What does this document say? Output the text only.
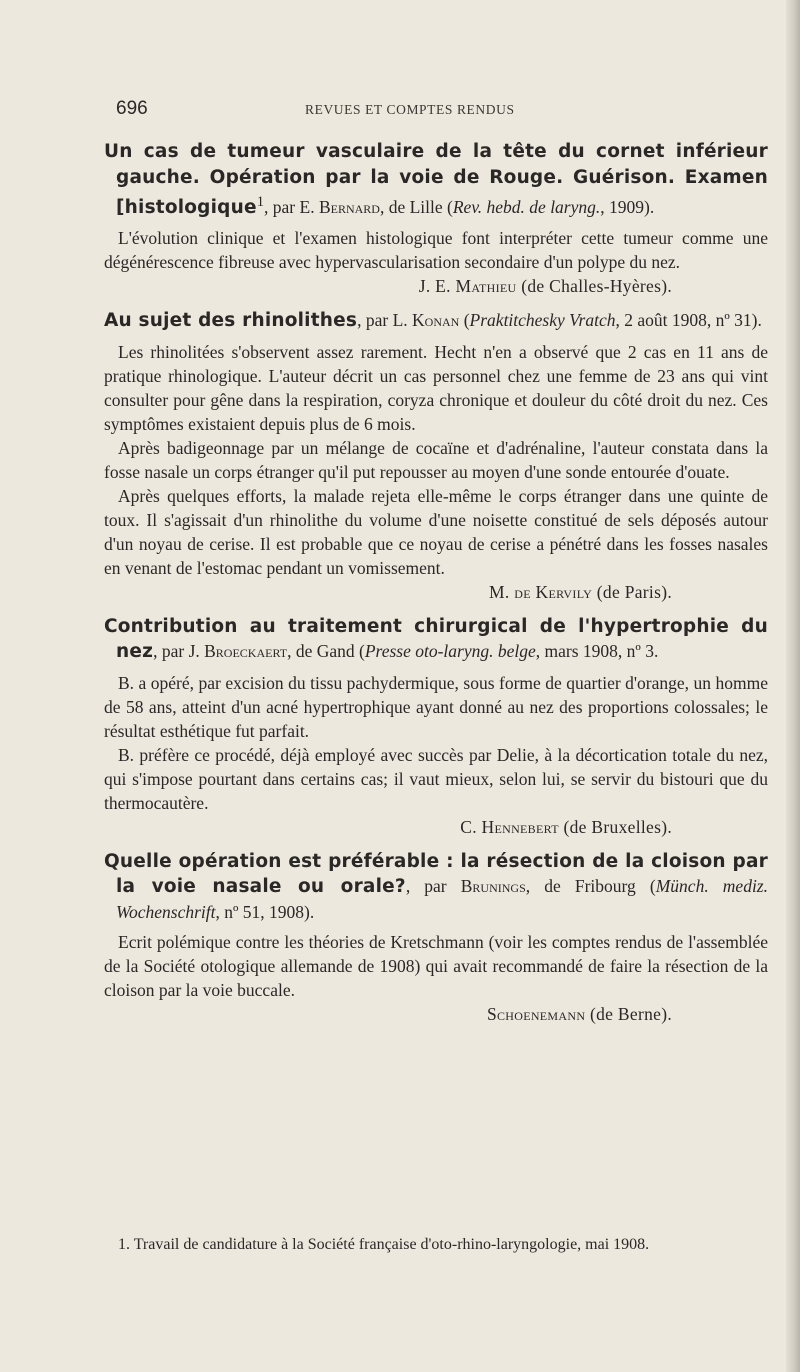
696	REVUES ET COMPTES RENDUS

Un cas de tumeur vasculaire de la tête du cornet inférieur gauche. Opération par la voie de Rouge. Guérison. Examen [histologique$^1$, par E. Bernard, de Lille (Rev. hebd. de laryng., 1909).

L'évolution clinique et l'examen histologique font interpréter cette tumeur comme une dégénérescence fibreuse avec hypervascularisation secondaire d'un polype du nez.

J. E. Mathieu (de Challes-Hyères).

Au sujet des rhinolithes, par L. Konan (Praktitchesky Vratch, 2 août 1908, nº 31).

Les rhinolitées s'observent assez rarement. Hecht n'en a observé que 2 cas en 11 ans de pratique rhinologique. L'auteur décrit un cas personnel chez une femme de 23 ans qui vint consulter pour gêne dans la respiration, coryza chronique et douleur du côté droit du nez. Ces symptômes existaient depuis plus de 6 mois.

Après badigeonnage par un mélange de cocaïne et d'adrénaline, l'auteur constata dans la fosse nasale un corps étranger qu'il put repousser au moyen d'une sonde entourée d'ouate.

Après quelques efforts, la malade rejeta elle-même le corps étranger dans une quinte de toux. Il s'agissait d'un rhinolithe du volume d'une noisette constitué de sels déposés autour d'un noyau de cerise. Il est probable que ce noyau de cerise a pénétré dans les fosses nasales en venant de l'estomac pendant un vomissement.

M. de Kervily (de Paris).

Contribution au traitement chirurgical de l'hypertrophie du nez, par J. Broeckaert, de Gand (Presse oto-laryng. belge, mars 1908, nº 3.

B. a opéré, par excision du tissu pachydermique, sous forme de quartier d'orange, un homme de 58 ans, atteint d'un acné hypertrophique ayant donné au nez des proportions colossales; le résultat esthétique fut parfait.

B. préfère ce procédé, déjà employé avec succès par Delie, à la décortication totale du nez, qui s'impose pourtant dans certains cas; il vaut mieux, selon lui, se servir du bistouri que du thermocautère.

C. Hennebert (de Bruxelles).

Quelle opération est préférable : la résection de la cloison par la voie nasale ou orale?, par Brunings, de Fribourg (Münch. mediz. Wochenschrift, nº 51, 1908).

Ecrit polémique contre les théories de Kretschmann (voir les comptes rendus de l'assemblée de la Société otologique allemande de 1908) qui avait recommandé de faire la résection de la cloison par la voie buccale.

Schoenemann (de Berne).

1. Travail de candidature à la Société française d'oto-rhino-laryngologie, mai 1908.
